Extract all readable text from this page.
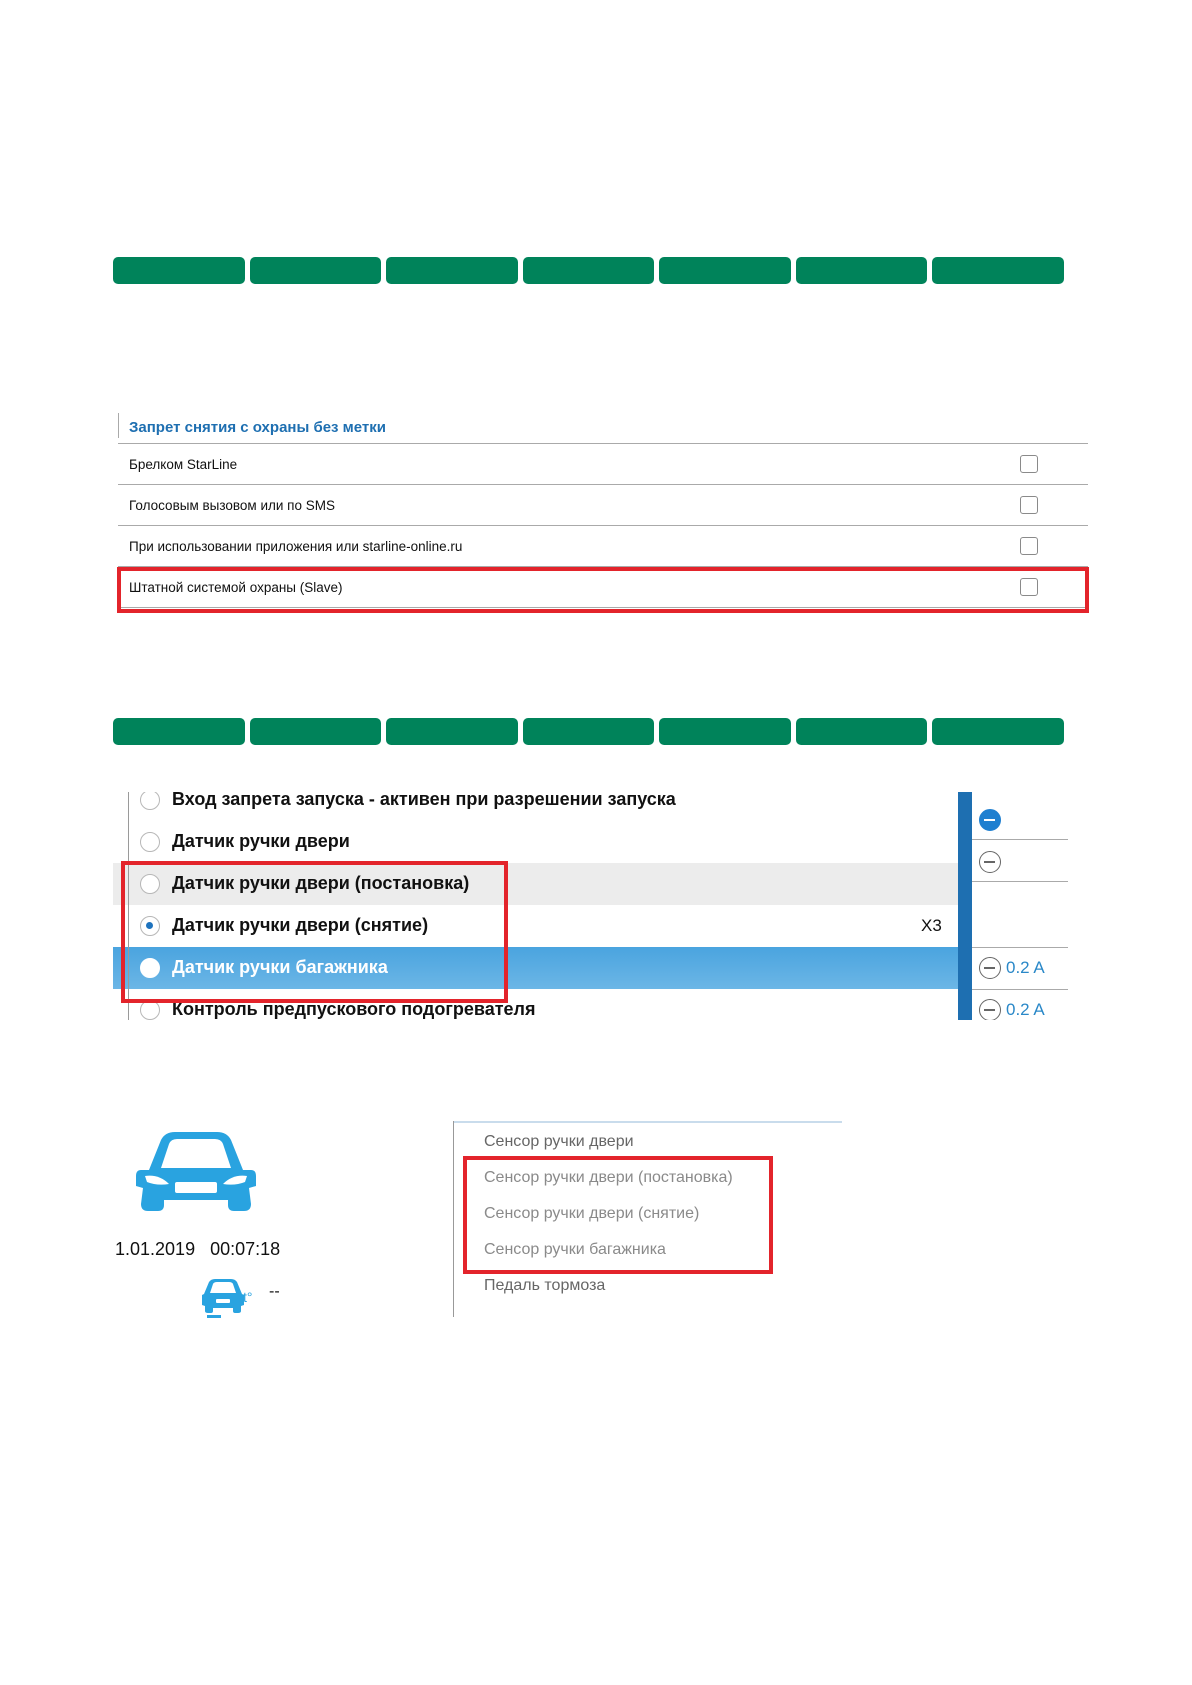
Запрет снятия с охраны без метки
Брелком StarLine
Голосовым вызовом или по SMS
При использовании приложения или starline-online.ru
Штатной системой охраны (Slave)
Вход запрета запуска - активен при разрешении запуска
Датчик ручки двери
Датчик ручки двери (постановка)
Датчик ручки двери (снятие)	X3
Датчик ручки багажника
Контроль предпускового подогревателя
0.2 A
0.2 A
1.01.2019 00:07:18
t° --
Сенсор ручки двери
Сенсор ручки двери (постановка)
Сенсор ручки двери (снятие)
Сенсор ручки багажника
Педаль тормоза
